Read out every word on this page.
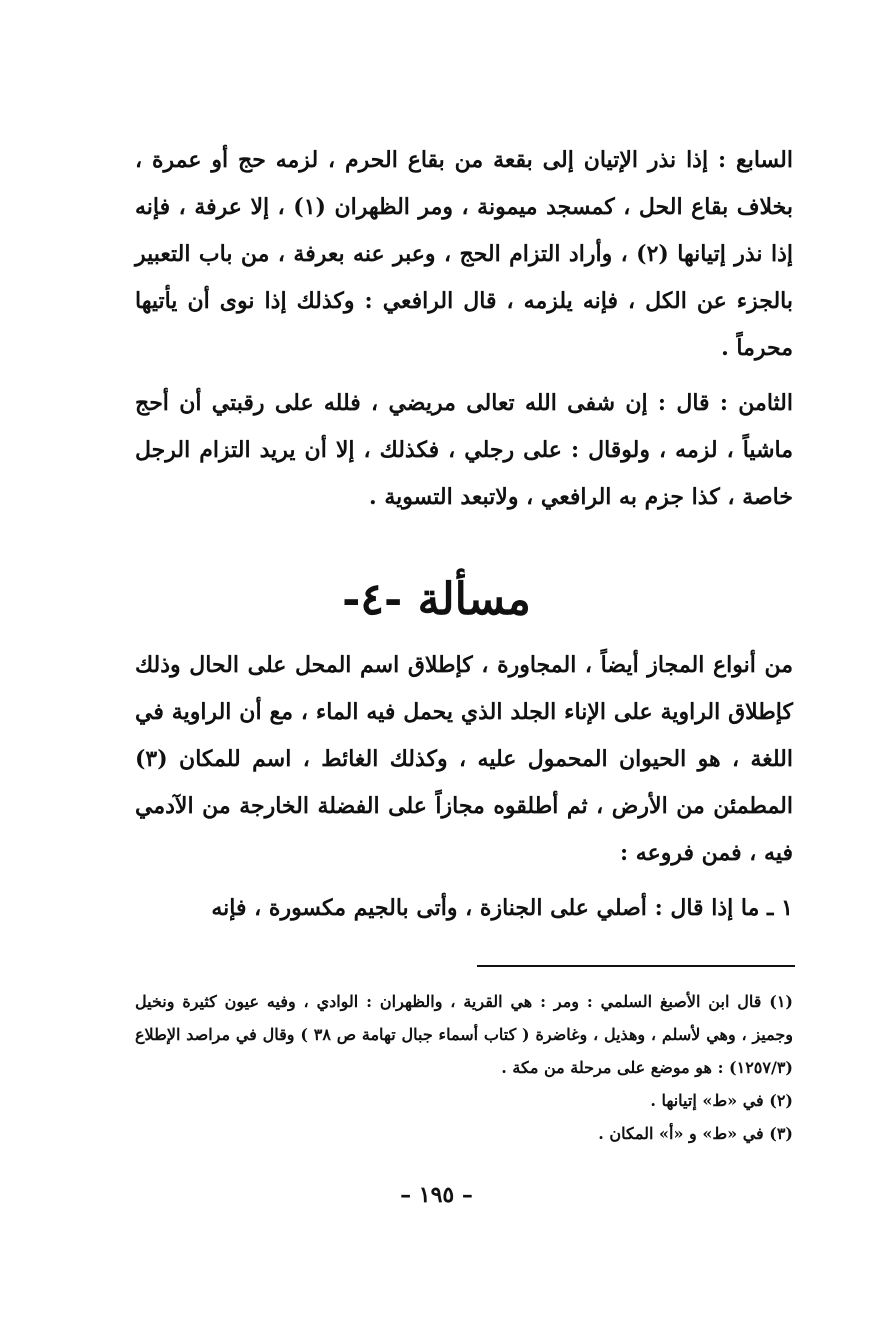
السابع : إذا نذر الإتيان إلى بقعة من بقاع الحرم ، لزمه حج أو عمرة ، بخلاف بقاع الحل ، كمسجد ميمونة ، ومر الظهران (١) ، إلا عرفة ، فإنه إذا نذر إتيانها (٢) ، وأراد التزام الحج ، وعبر عنه بعرفة ، من باب التعبير بالجزء عن الكل ، فإنه يلزمه ، قال الرافعي : وكذلك إذا نوى أن يأتيها محرماً .
الثامن : قال : إن شفى الله تعالى مريضي ، فلله على رقبتي أن أحج ماشياً ، لزمه ، ولوقال : على رجلي ، فكذلك ، إلا أن يريد التزام الرجل خاصة ، كذا جزم به الرافعي ، ولاتبعد التسوية .
مسألة -٤-
من أنواع المجاز أيضاً ، المجاورة ، كإطلاق اسم المحل على الحال وذلك كإطلاق الراوية على الإناء الجلد الذي يحمل فيه الماء ، مع أن الراوية في اللغة ، هو الحيوان المحمول عليه ، وكذلك الغائط ، اسم للمكان (٣) المطمئن من الأرض ، ثم أطلقوه مجازاً على الفضلة الخارجة من الآدمي فيه ، فمن فروعه :
١ ـ ما إذا قال : أصلي على الجنازة ، وأتى بالجيم مكسورة ، فإنه

(١) قال ابن الأصبغ السلمي : ومر : هي القرية ، والظهران : الوادي ، وفيه عيون كثيرة ونخيل وجميز ، وهي لأسلم ، وهذيل ، وغاضرة ( كتاب أسماء جبال تهامة ص ٣٨ ) وقال في مراصد الإطلاع (١٢٥٧/٣) : هو موضع على مرحلة من مكة .

(٢) في «ط» إتيانها .

(٣) في «ط» و «أ» المكان .

– ١٩٥ –
